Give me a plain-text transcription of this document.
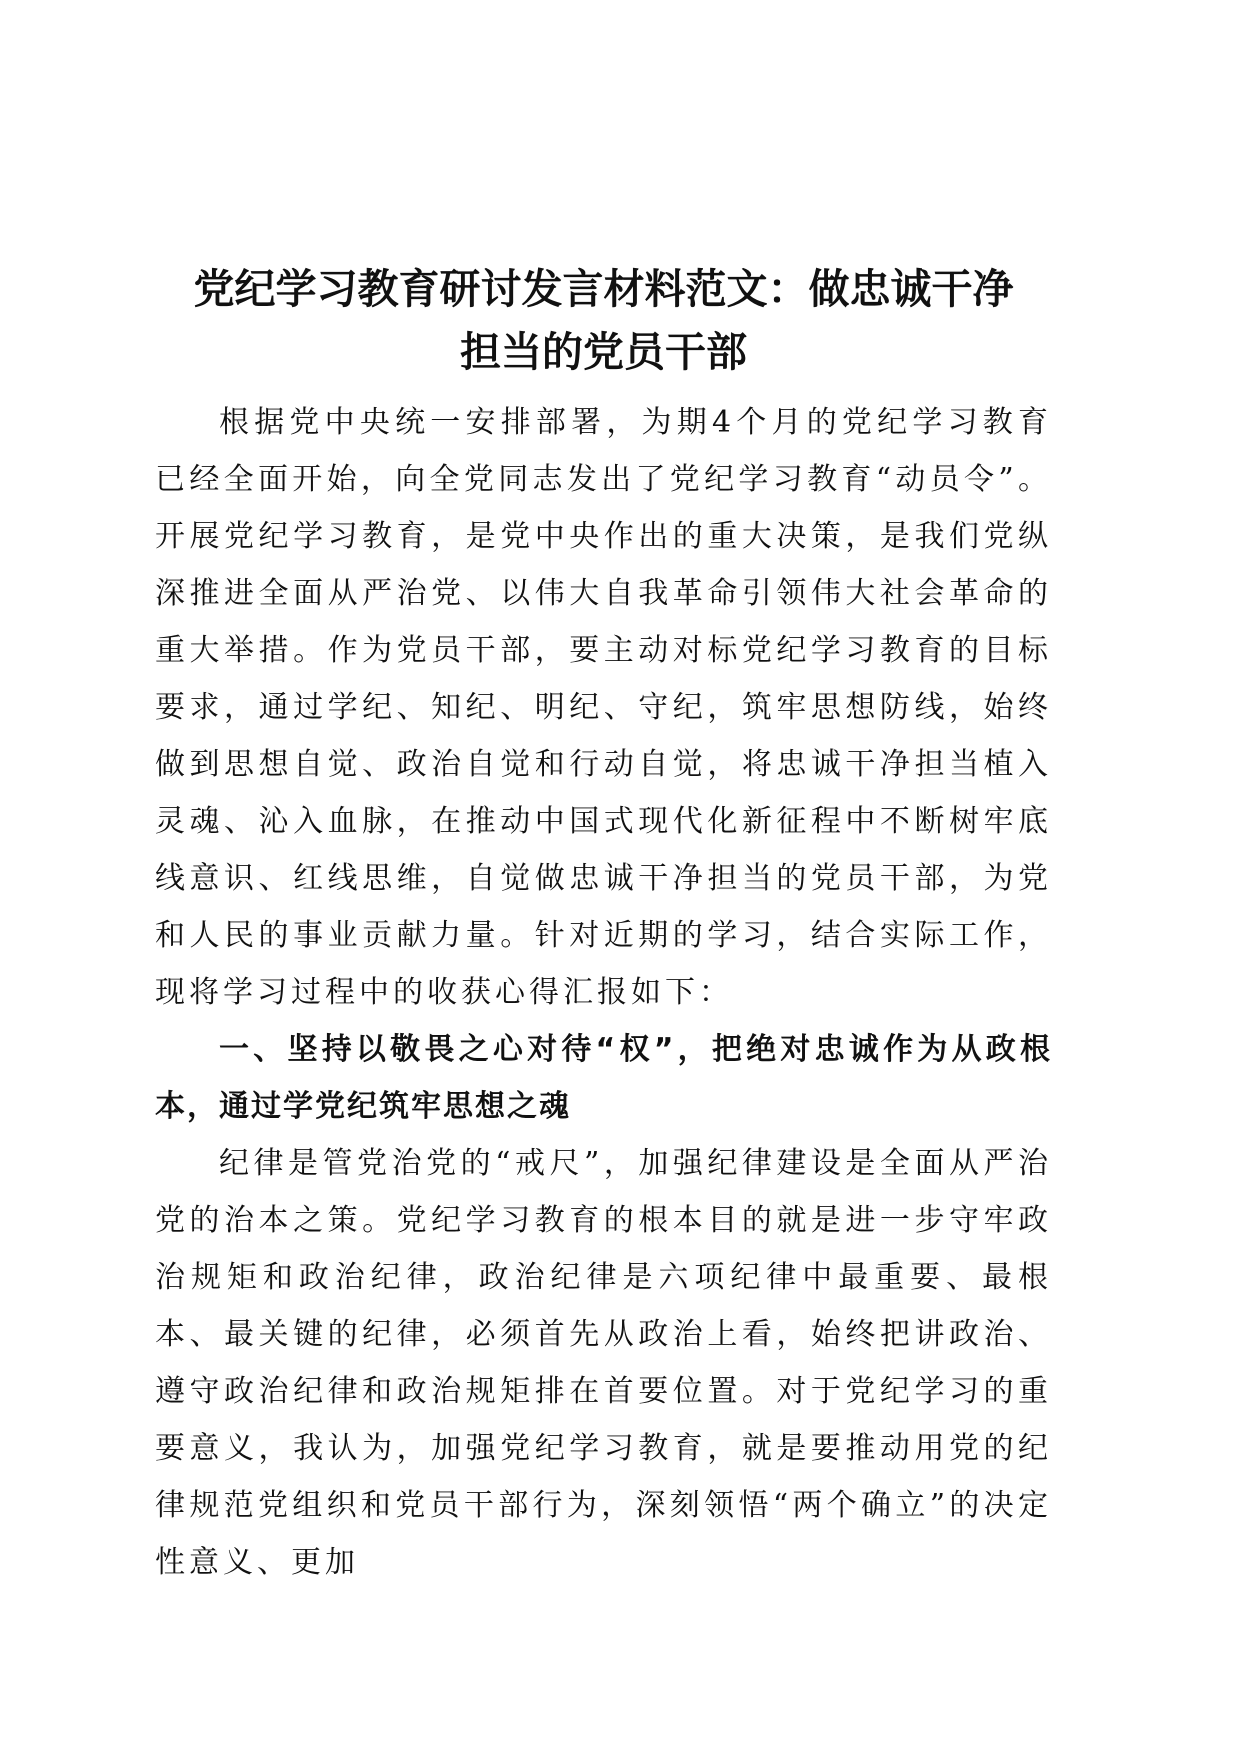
党纪学习教育研讨发言材料范文：做忠诚干净
担当的党员干部

根据党中央统一安排部署，为期4个月的党纪学习教育已经全面开始，向全党同志发出了党纪学习教育“动员令”。开展党纪学习教育，是党中央作出的重大决策，是我们党纵深推进全面从严治党、以伟大自我革命引领伟大社会革命的重大举措。作为党员干部，要主动对标党纪学习教育的目标要求，通过学纪、知纪、明纪、守纪，筑牢思想防线，始终做到思想自觉、政治自觉和行动自觉，将忠诚干净担当植入灵魂、沁入血脉，在推动中国式现代化新征程中不断树牢底线意识、红线思维，自觉做忠诚干净担当的党员干部，为党和人民的事业贡献力量。针对近期的学习，结合实际工作，现将学习过程中的收获心得汇报如下：

一、坚持以敬畏之心对待“权”，把绝对忠诚作为从政根本，通过学党纪筑牢思想之魂

纪律是管党治党的“戒尺”，加强纪律建设是全面从严治党的治本之策。党纪学习教育的根本目的就是进一步守牢政治规矩和政治纪律，政治纪律是六项纪律中最重要、最根本、最关键的纪律，必须首先从政治上看，始终把讲政治、遵守政治纪律和政治规矩排在首要位置。对于党纪学习的重要意义，我认为，加强党纪学习教育，就是要推动用党的纪律规范党组织和党员干部行为，深刻领悟“两个确立”的决定性意义、更加
